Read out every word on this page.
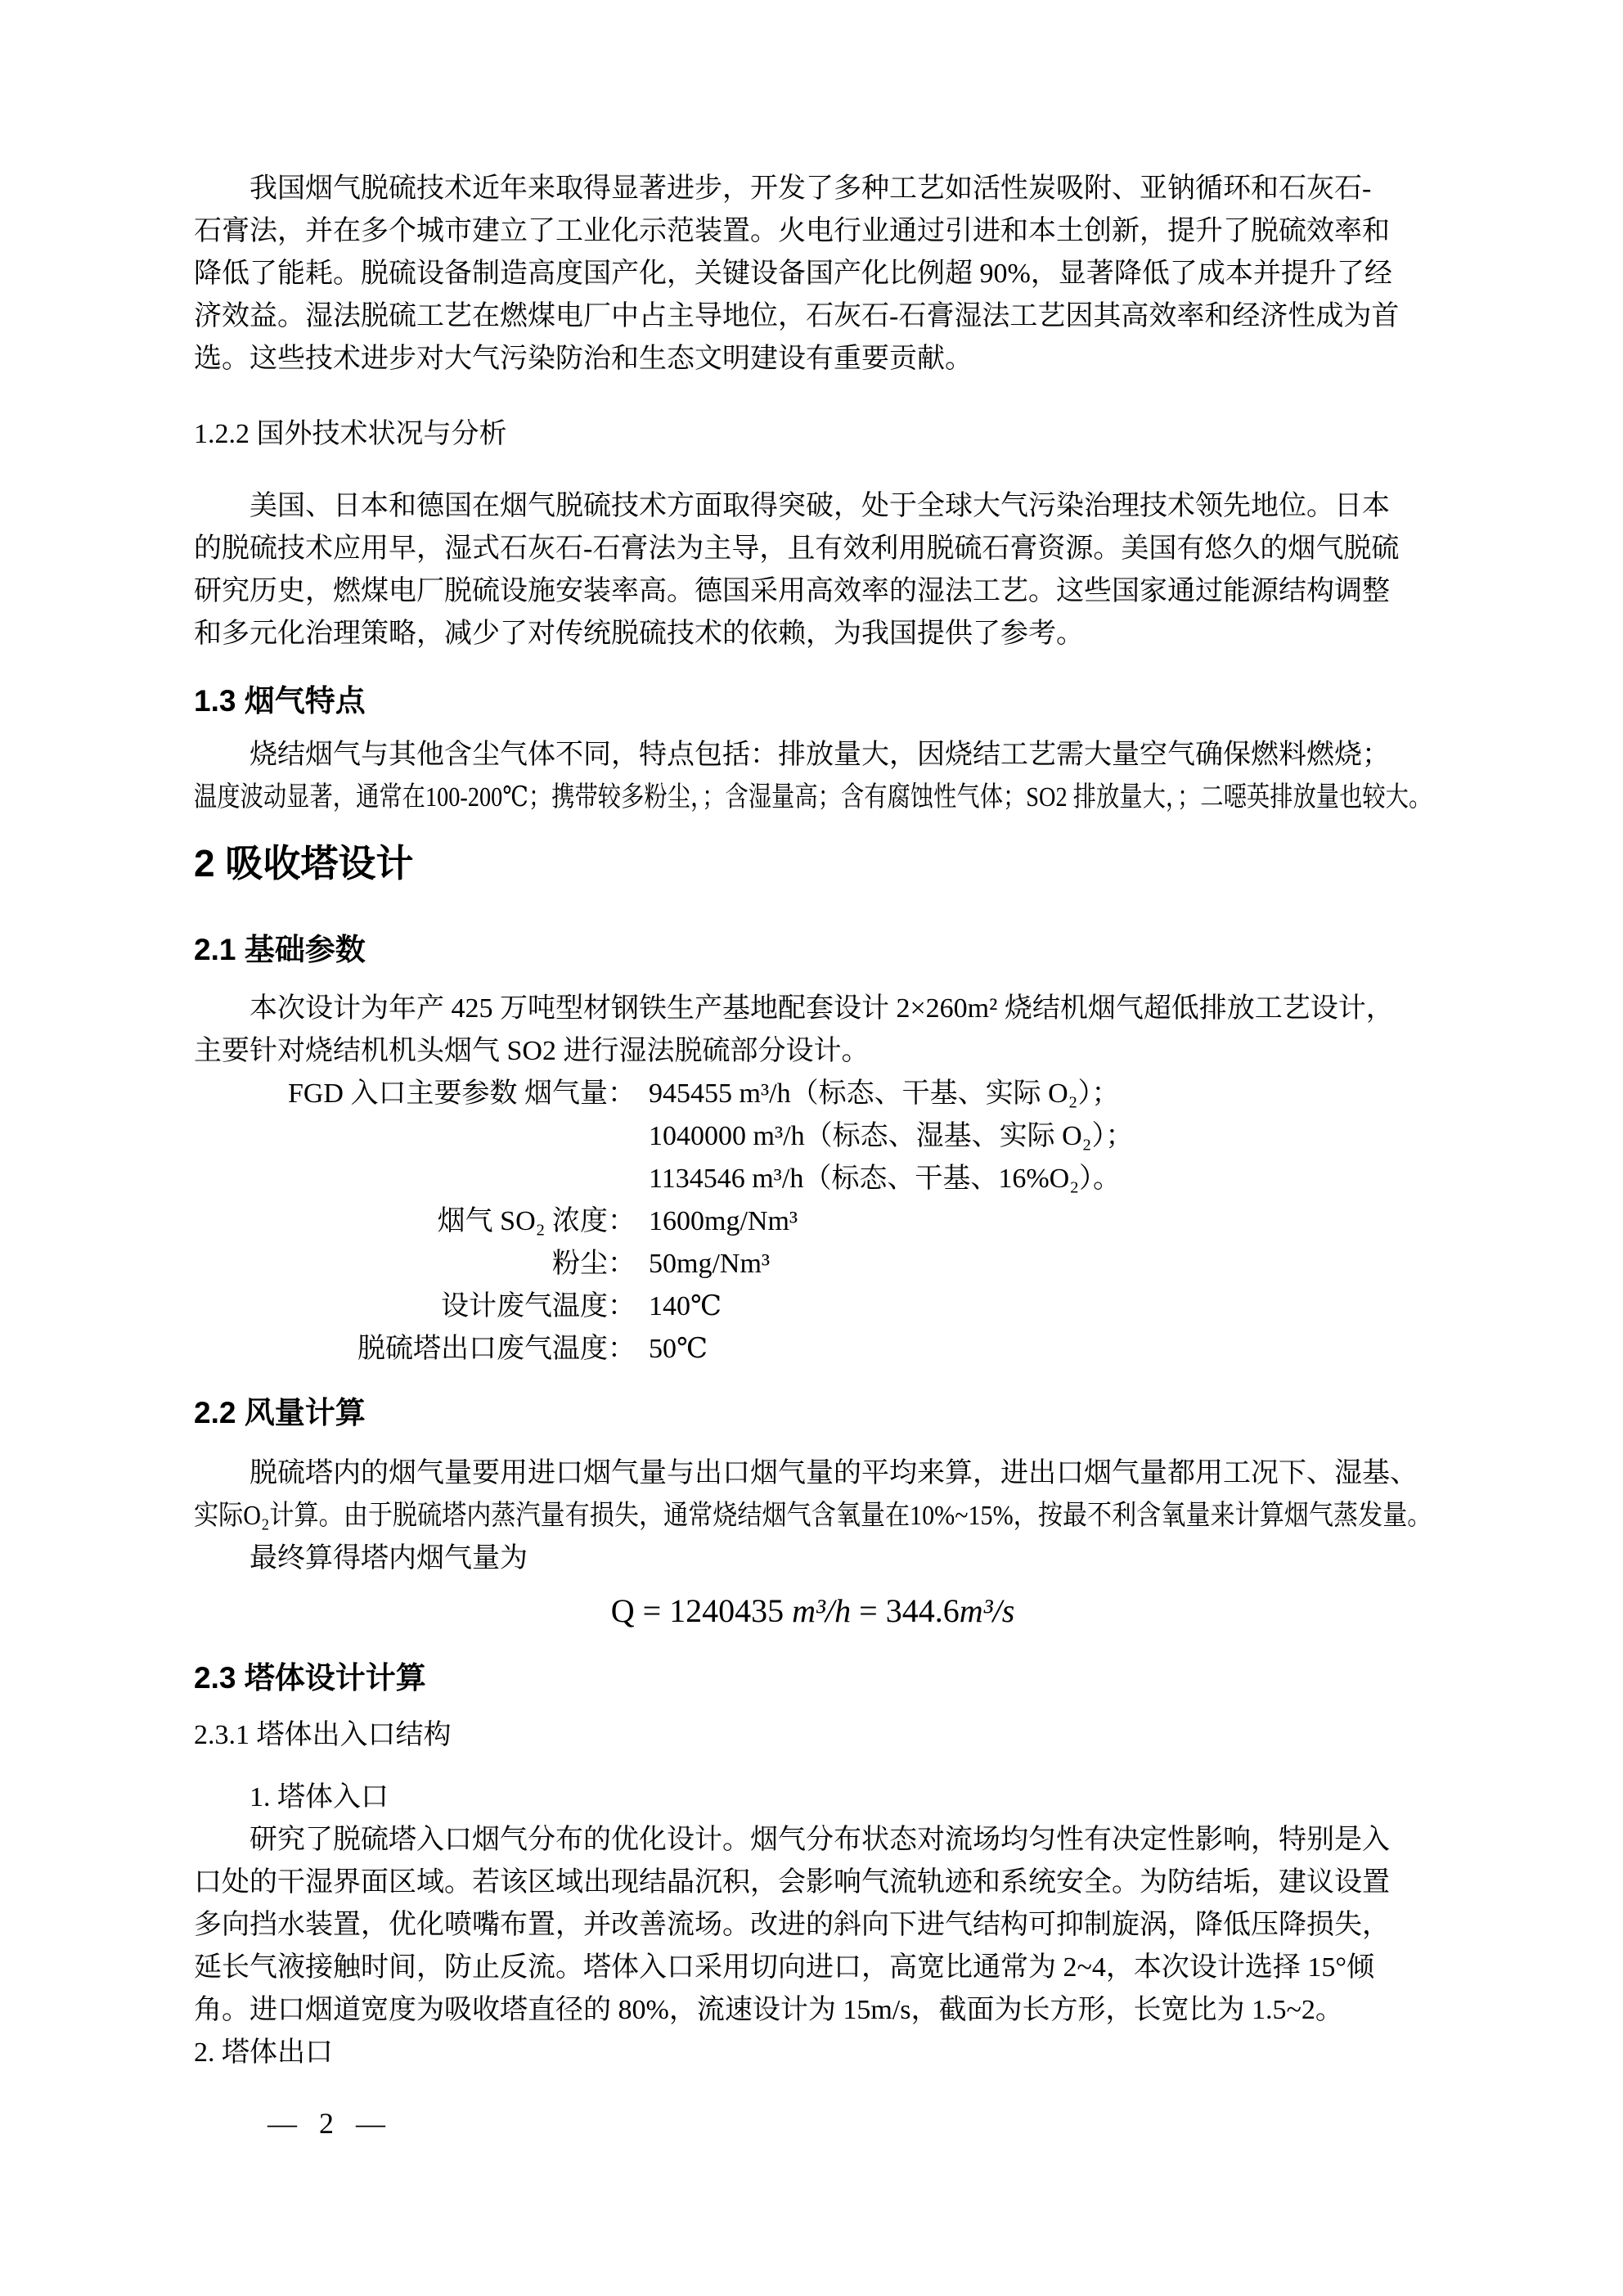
我国烟气脱硫技术近年来取得显著进步，开发了多种工艺如活性炭吸附、亚钠循环和石灰石-
石膏法，并在多个城市建立了工业化示范装置。火电行业通过引进和本土创新，提升了脱硫效率和
降低了能耗。脱硫设备制造高度国产化，关键设备国产化比例超 90%，显著降低了成本并提升了经
济效益。湿法脱硫工艺在燃煤电厂中占主导地位，石灰石-石膏湿法工艺因其高效率和经济性成为首
选。这些技术进步对大气污染防治和生态文明建设有重要贡献。
1.2.2 国外技术状况与分析
美国、日本和德国在烟气脱硫技术方面取得突破，处于全球大气污染治理技术领先地位。日本
的脱硫技术应用早，湿式石灰石-石膏法为主导，且有效利用脱硫石膏资源。美国有悠久的烟气脱硫
研究历史，燃煤电厂脱硫设施安装率高。德国采用高效率的湿法工艺。这些国家通过能源结构调整
和多元化治理策略，减少了对传统脱硫技术的依赖，为我国提供了参考。
1.3 烟气特点
烧结烟气与其他含尘气体不同，特点包括：排放量大，因烧结工艺需大量空气确保燃料燃烧；
温度波动显著，通常在100-200℃；携带较多粉尘，；含湿量高；含有腐蚀性气体；SO2 排放量大，；二噁英排放量也较大。
2 吸收塔设计
2.1 基础参数
本次设计为年产 425 万吨型材钢铁生产基地配套设计 2×260m² 烧结机烟气超低排放工艺设计，
主要针对烧结机机头烟气 SO2 进行湿法脱硫部分设计。
FGD 入口主要参数 烟气量： 945455 m³/h（标态、干基、实际 O₂）；
1040000 m³/h（标态、湿基、实际 O₂）；
1134546 m³/h（标态、干基、16%O₂）。
烟气 SO₂ 浓度： 1600mg/Nm³
粉尘： 50mg/Nm³
设计废气温度： 140℃
脱硫塔出口废气温度： 50℃
2.2 风量计算
脱硫塔内的烟气量要用进口烟气量与出口烟气量的平均来算，进出口烟气量都用工况下、湿基、
实际O₂计算。由于脱硫塔内蒸汽量有损失，通常烧结烟气含氧量在10%~15%，按最不利含氧量来计算烟气蒸发量。
最终算得塔内烟气量为
Q = 1240435 m³/h = 344.6m³/s
2.3 塔体设计计算
2.3.1 塔体出入口结构
1. 塔体入口
研究了脱硫塔入口烟气分布的优化设计。烟气分布状态对流场均匀性有决定性影响，特别是入
口处的干湿界面区域。若该区域出现结晶沉积，会影响气流轨迹和系统安全。为防结垢，建议设置
多向挡水装置，优化喷嘴布置，并改善流场。改进的斜向下进气结构可抑制旋涡，降低压降损失，
延长气液接触时间，防止反流。塔体入口采用切向进口，高宽比通常为 2~4，本次设计选择 15°倾
角。进口烟道宽度为吸收塔直径的 80%，流速设计为 15m/s，截面为长方形，长宽比为 1.5~2。
2. 塔体出口
— 2 —
